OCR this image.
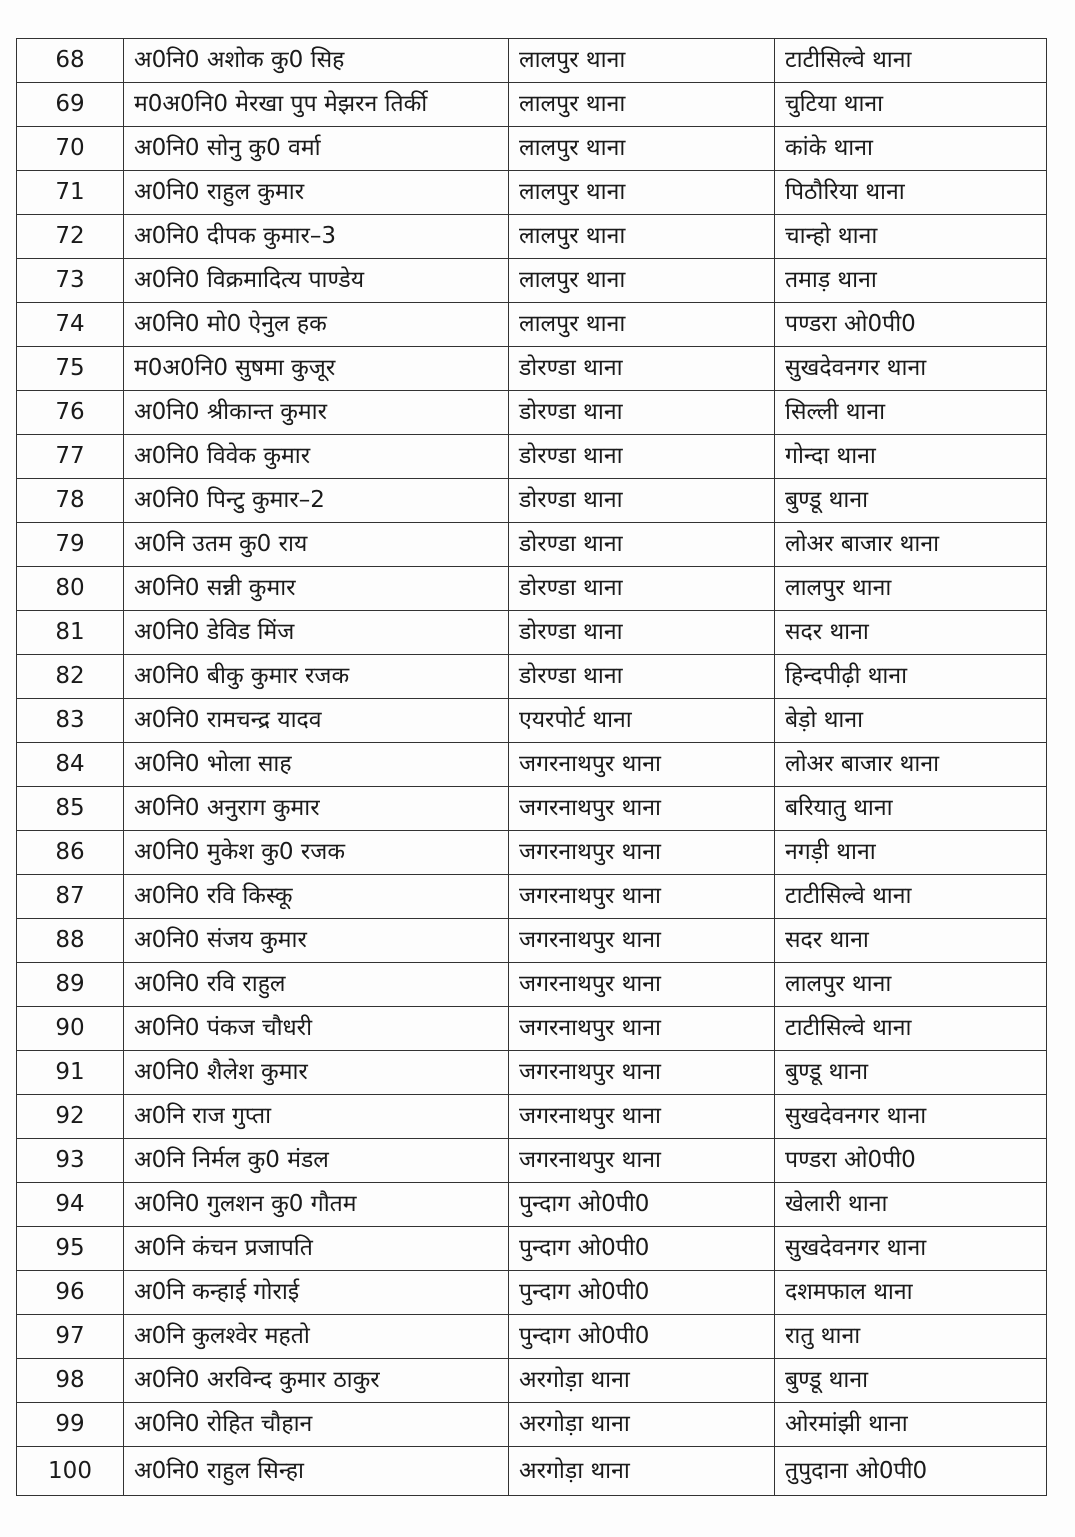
68	अ0नि0 अशोक कु0 सिह	लालपुर थाना	टाटीसिल्वे थाना
69	म0अ0नि0 मेरखा पुप मेझरन तिर्की	लालपुर थाना	चुटिया थाना
70	अ0नि0 सोनु कु0 वर्मा	लालपुर थाना	कांके थाना
71	अ0नि0 राहुल कुमार	लालपुर थाना	पिठौरिया थाना
72	अ0नि0 दीपक कुमार–3	लालपुर थाना	चान्हो थाना
73	अ0नि0 विक्रमादित्य पाण्डेय	लालपुर थाना	तमाड़ थाना
74	अ0नि0 मो0 ऐनुल हक	लालपुर थाना	पण्डरा ओ0पी0
75	म0अ0नि0 सुषमा कुजूर	डोरण्डा थाना	सुखदेवनगर थाना
76	अ0नि0 श्रीकान्त कुमार	डोरण्डा थाना	सिल्ली थाना
77	अ0नि0 विवेक कुमार	डोरण्डा थाना	गोन्दा थाना
78	अ0नि0 पिन्टु कुमार–2	डोरण्डा थाना	बुण्डू थाना
79	अ0नि उतम कु0 राय	डोरण्डा थाना	लोअर बाजार थाना
80	अ0नि0 सन्नी कुमार	डोरण्डा थाना	लालपुर थाना
81	अ0नि0 डेविड मिंज	डोरण्डा थाना	सदर थाना
82	अ0नि0 बीकु कुमार रजक	डोरण्डा थाना	हिन्दपीढ़ी थाना
83	अ0नि0 रामचन्द्र यादव	एयरपोर्ट थाना	बेड़ो थाना
84	अ0नि0 भोला साह	जगरनाथपुर थाना	लोअर बाजार थाना
85	अ0नि0 अनुराग कुमार	जगरनाथपुर थाना	बरियातु थाना
86	अ0नि0 मुकेश कु0 रजक	जगरनाथपुर थाना	नगड़ी थाना
87	अ0नि0 रवि किस्कू	जगरनाथपुर थाना	टाटीसिल्वे थाना
88	अ0नि0 संजय कुमार	जगरनाथपुर थाना	सदर थाना
89	अ0नि0 रवि राहुल	जगरनाथपुर थाना	लालपुर थाना
90	अ0नि0 पंकज चौधरी	जगरनाथपुर थाना	टाटीसिल्वे थाना
91	अ0नि0 शैलेश कुमार	जगरनाथपुर थाना	बुण्डू थाना
92	अ0नि राज गुप्ता	जगरनाथपुर थाना	सुखदेवनगर थाना
93	अ0नि निर्मल कु0 मंडल	जगरनाथपुर थाना	पण्डरा ओ0पी0
94	अ0नि0 गुलशन कु0 गौतम	पुन्दाग ओ0पी0	खेलारी थाना
95	अ0नि कंचन प्रजापति	पुन्दाग ओ0पी0	सुखदेवनगर थाना
96	अ0नि कन्हाई गोराई	पुन्दाग ओ0पी0	दशमफाल थाना
97	अ0नि कुलश्वेर महतो	पुन्दाग ओ0पी0	रातु थाना
98	अ0नि0 अरविन्द कुमार ठाकुर	अरगोड़ा थाना	बुण्डू थाना
99	अ0नि0 रोहित चौहान	अरगोड़ा थाना	ओरमांझी थाना
100	अ0नि0 राहुल सिन्हा	अरगोड़ा थाना	तुपुदाना ओ0पी0
